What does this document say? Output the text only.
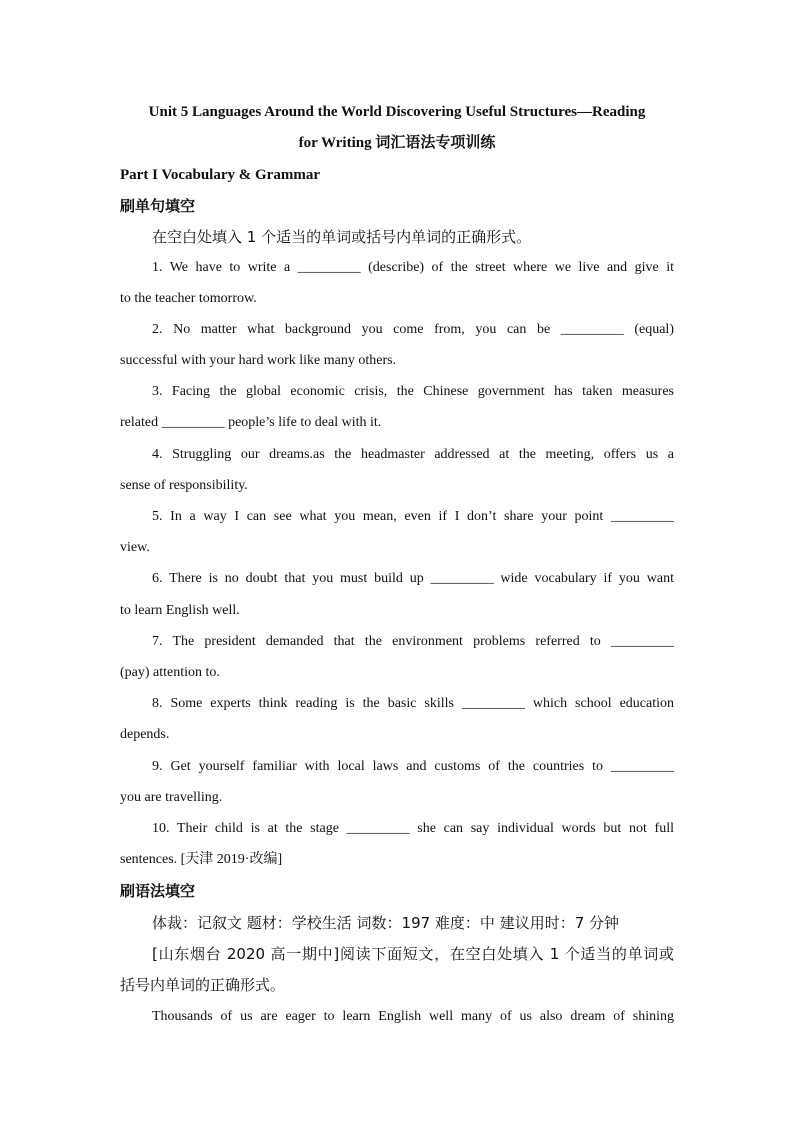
Unit 5 Languages Around the World Discovering Useful Structures—Reading
for Writing 词汇语法专项训练
Part I Vocabulary & Grammar
刷单句填空
在空白处填入 1 个适当的单词或括号内单词的正确形式。
1. We have to write a _________ (describe) of the street where we live and give it
to the teacher tomorrow.
2. No matter what background you come from, you can be _________ (equal)
successful with your hard work like many others.
3. Facing the global economic crisis, the Chinese government has taken measures
related _________ people’s life to deal with it.
4. Struggling our dreams.as the headmaster addressed at the meeting, offers us a
sense of responsibility.
5. In a way I can see what you mean, even if I don’t share your point _________
view.
6. There is no doubt that you must build up _________ wide vocabulary if you want
to learn English well.
7. The president demanded that the environment problems referred to _________
(pay) attention to.
8. Some experts think reading is the basic skills _________ which school education
depends.
9. Get yourself familiar with local laws and customs of the countries to _________
you are travelling.
10. Their child is at the stage _________ she can say individual words but not full
sentences. [天津 2019·改编]
刷语法填空
体裁：记叙文 题材：学校生活 词数：197 难度：中 建议用时：7 分钟
[山东烟台 2020 高一期中]阅读下面短文，在空白处填入 1 个适当的单词或
括号内单词的正确形式。
Thousands of us are eager to learn English well many of us also dream of shining
